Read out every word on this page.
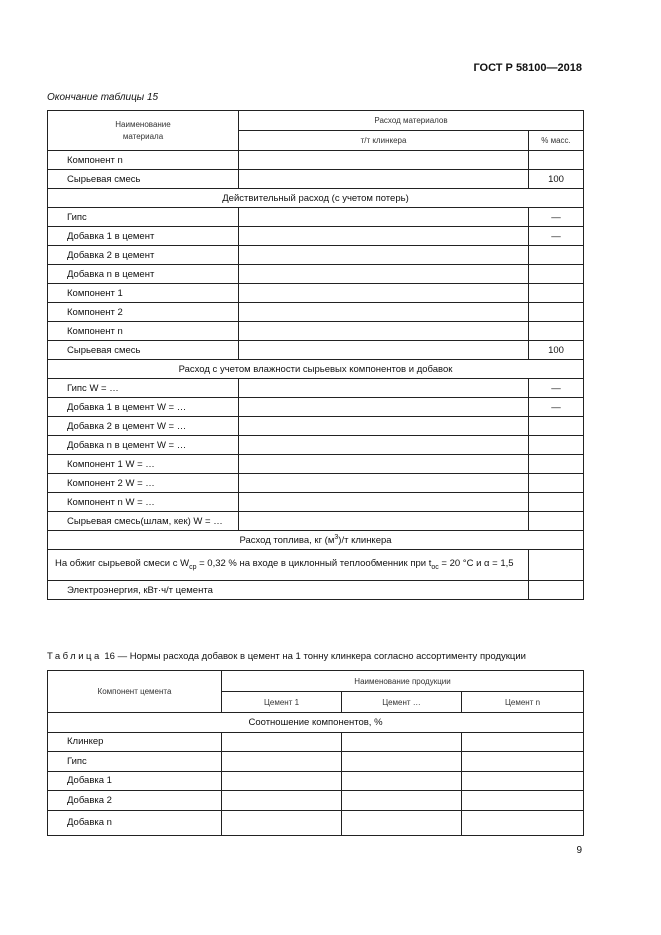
ГОСТ Р 58100—2018
Окончание таблицы 15
Наименование материала	Расход материалов	
	т/т клинкера	% масс.
Компонент n		
Сырьевая смесь		100
Действительный расход (с учетом потерь)		
Гипс		—
Добавка 1 в цемент		—
Добавка 2 в цемент		
Добавка n в цемент		
Компонент 1		
Компонент 2		
Компонент n		
Сырьевая смесь		100
Расход с учетом влажности сырьевых компонентов и добавок		
Гипс W = …		—
Добавка 1 в цемент W = …		—
Добавка 2 в цемент W = …		
Добавка n в цемент W = …		
Компонент 1 W = …		
Компонент 2 W = …		
Компонент n W = …		
Сырьевая смесь(шлам, кек) W = …		
Расход топлива, кг $(м^3)/т$ клинкера		
На обжиг сырьевой смеси с $W_{ср} = 0,32$ % на входе в циклонный теплообменник при $t_{ос} = 20$ °C и α = 1,5		
Электроэнергия, кВт·ч/т цемента		
Таблица 16 — Нормы расхода добавок в цемент на 1 тонну клинкера согласно ассортименту продукции
Компонент цемента	Наименование продукции		
	Цемент 1	Цемент …	Цемент n
Соотношение компонентов, %			
Клинкер			
Гипс			
Добавка 1			
Добавка 2			
Добавка n			
9
